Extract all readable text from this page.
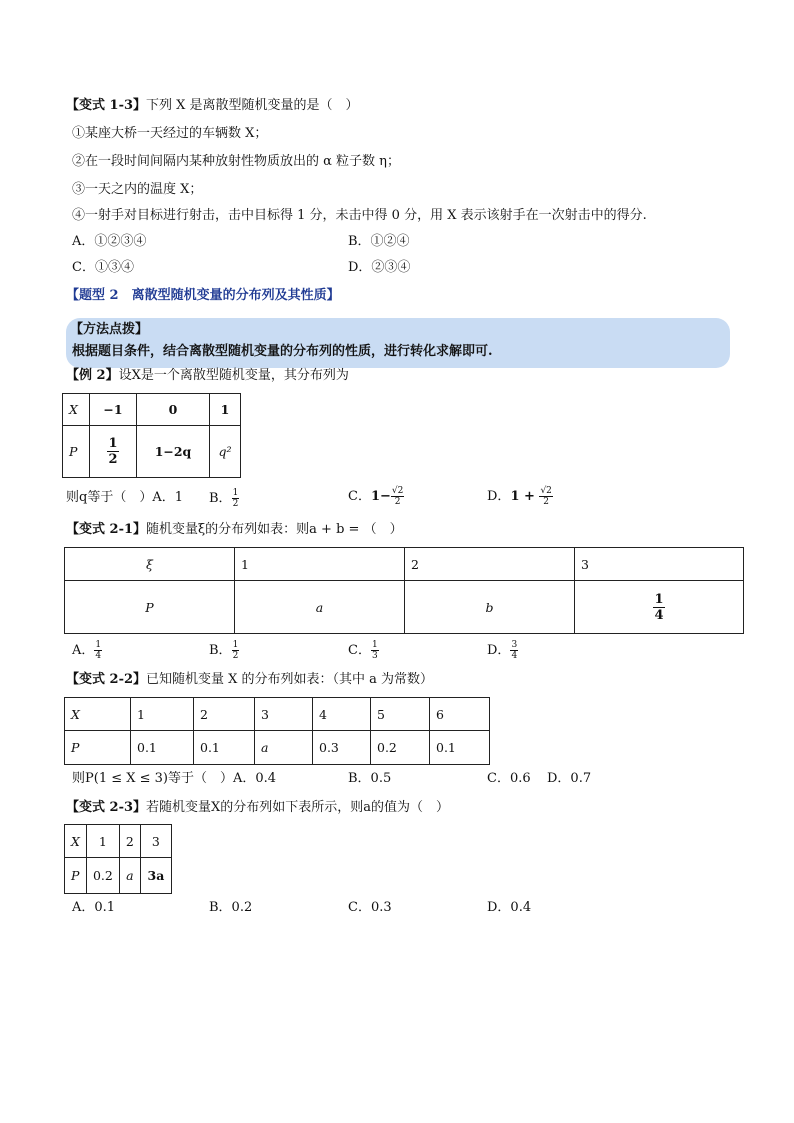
【变式 1-3】下列 X 是离散型随机变量的是（　）
①某座大桥一天经过的车辆数 X；
②在一段时间间隔内某种放射性物质放出的 α 粒子数 η；
③一天之内的温度 X；
④一射手对目标进行射击，击中目标得 1 分，未击中得 0 分，用 X 表示该射手在一次射击中的得分.
A．①②③④	B．①②④
C．①③④	D．②③④
【题型 2　离散型随机变量的分布列及其性质】
【方法点拨】
根据题目条件，结合离散型随机变量的分布列的性质，进行转化求解即可.
【例 2】设X是一个离散型随机变量，其分布列为
X	−1	0	1
P	$\frac{1}{2}$	1−2q	q²
则q等于（　）A．1 B． $\frac{1}{2}$	C．$1- \frac{√2}{2}$	D．$1 + \frac{√2}{2}$
【变式 2-1】随机变量ξ的分布列如表：则a + b = （　）
ξ	1	2	3
P	a	b	$\frac{1}{4}$
A． $\frac{1}{4}$	B． $\frac{1}{2}$	C． $\frac{1}{3}$	D． $\frac{3}{4}$
【变式 2-2】已知随机变量 X 的分布列如表：（其中 a 为常数）
X	1	2	3	4	5	6
P	0.1	0.1	a	0.3	0.2	0.1
则P(1 ≤ X ≤ 3)等于（　）A．0.4	B．0.5	C．0.6 D．0.7
【变式 2-3】若随机变量X的分布列如下表所示，则a的值为（　）
X	1	2	3
P	0.2	a	3a
A．0.1	B．0.2	C．0.3	D．0.4
